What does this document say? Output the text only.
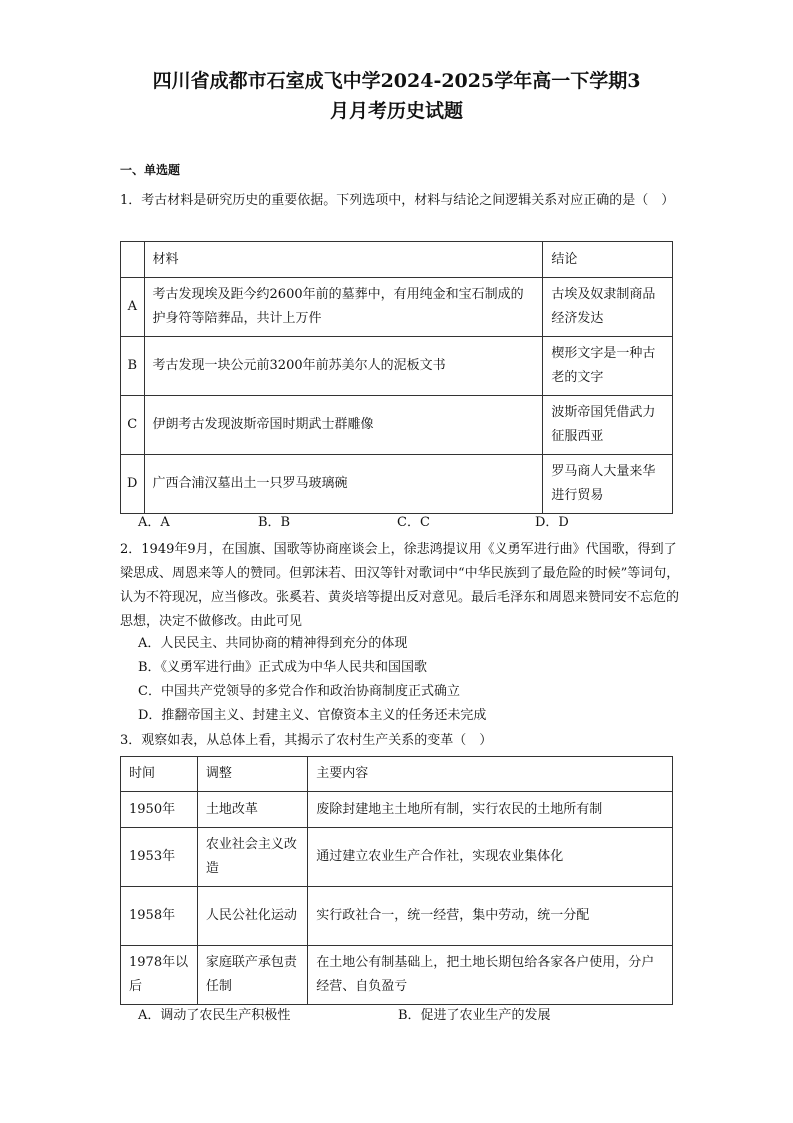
四川省成都市石室成飞中学2024-2025学年高一下学期3
月月考历史试题
一、单选题
1．考古材料是研究历史的重要依据。下列选项中，材料与结论之间逻辑关系对应正确的是（　）
	材料	结论
A	考古发现埃及距今约2600年前的墓葬中，有用纯金和宝石制成的护身符等陪葬品，共计上万件	古埃及奴隶制商品经济发达
B	考古发现一块公元前3200年前苏美尔人的泥板文书	楔形文字是一种古老的文字
C	伊朗考古发现波斯帝国时期武士群雕像	波斯帝国凭借武力征服西亚
D	广西合浦汉墓出土一只罗马玻璃碗	罗马商人大量来华进行贸易
A．A	B．B	C．C	D．D
2．1949年9月，在国旗、国歌等协商座谈会上，徐悲鸿提议用《义勇军进行曲》代国歌，得到了梁思成、周恩来等人的赞同。但郭沫若、田汉等针对歌词中“中华民族到了最危险的时候”等词句，认为不符现况，应当修改。张奚若、黄炎培等提出反对意见。最后毛泽东和周恩来赞同安不忘危的思想，决定不做修改。由此可见
A．人民民主、共同协商的精神得到充分的体现
B．《义勇军进行曲》正式成为中华人民共和国国歌
C．中国共产党领导的多党合作和政治协商制度正式确立
D．推翻帝国主义、封建主义、官僚资本主义的任务还未完成
3．观察如表，从总体上看，其揭示了农村生产关系的变革（　）
时间	调整	主要内容
1950年	土地改革	废除封建地主土地所有制，实行农民的土地所有制
1953年	农业社会主义改造	通过建立农业生产合作社，实现农业集体化
1958年	人民公社化运动	实行政社合一，统一经营，集中劳动，统一分配
1978年以后	家庭联产承包责任制	在土地公有制基础上，把土地长期包给各家各户使用，分户经营、自负盈亏
A．调动了农民生产积极性	B．促进了农业生产的发展
